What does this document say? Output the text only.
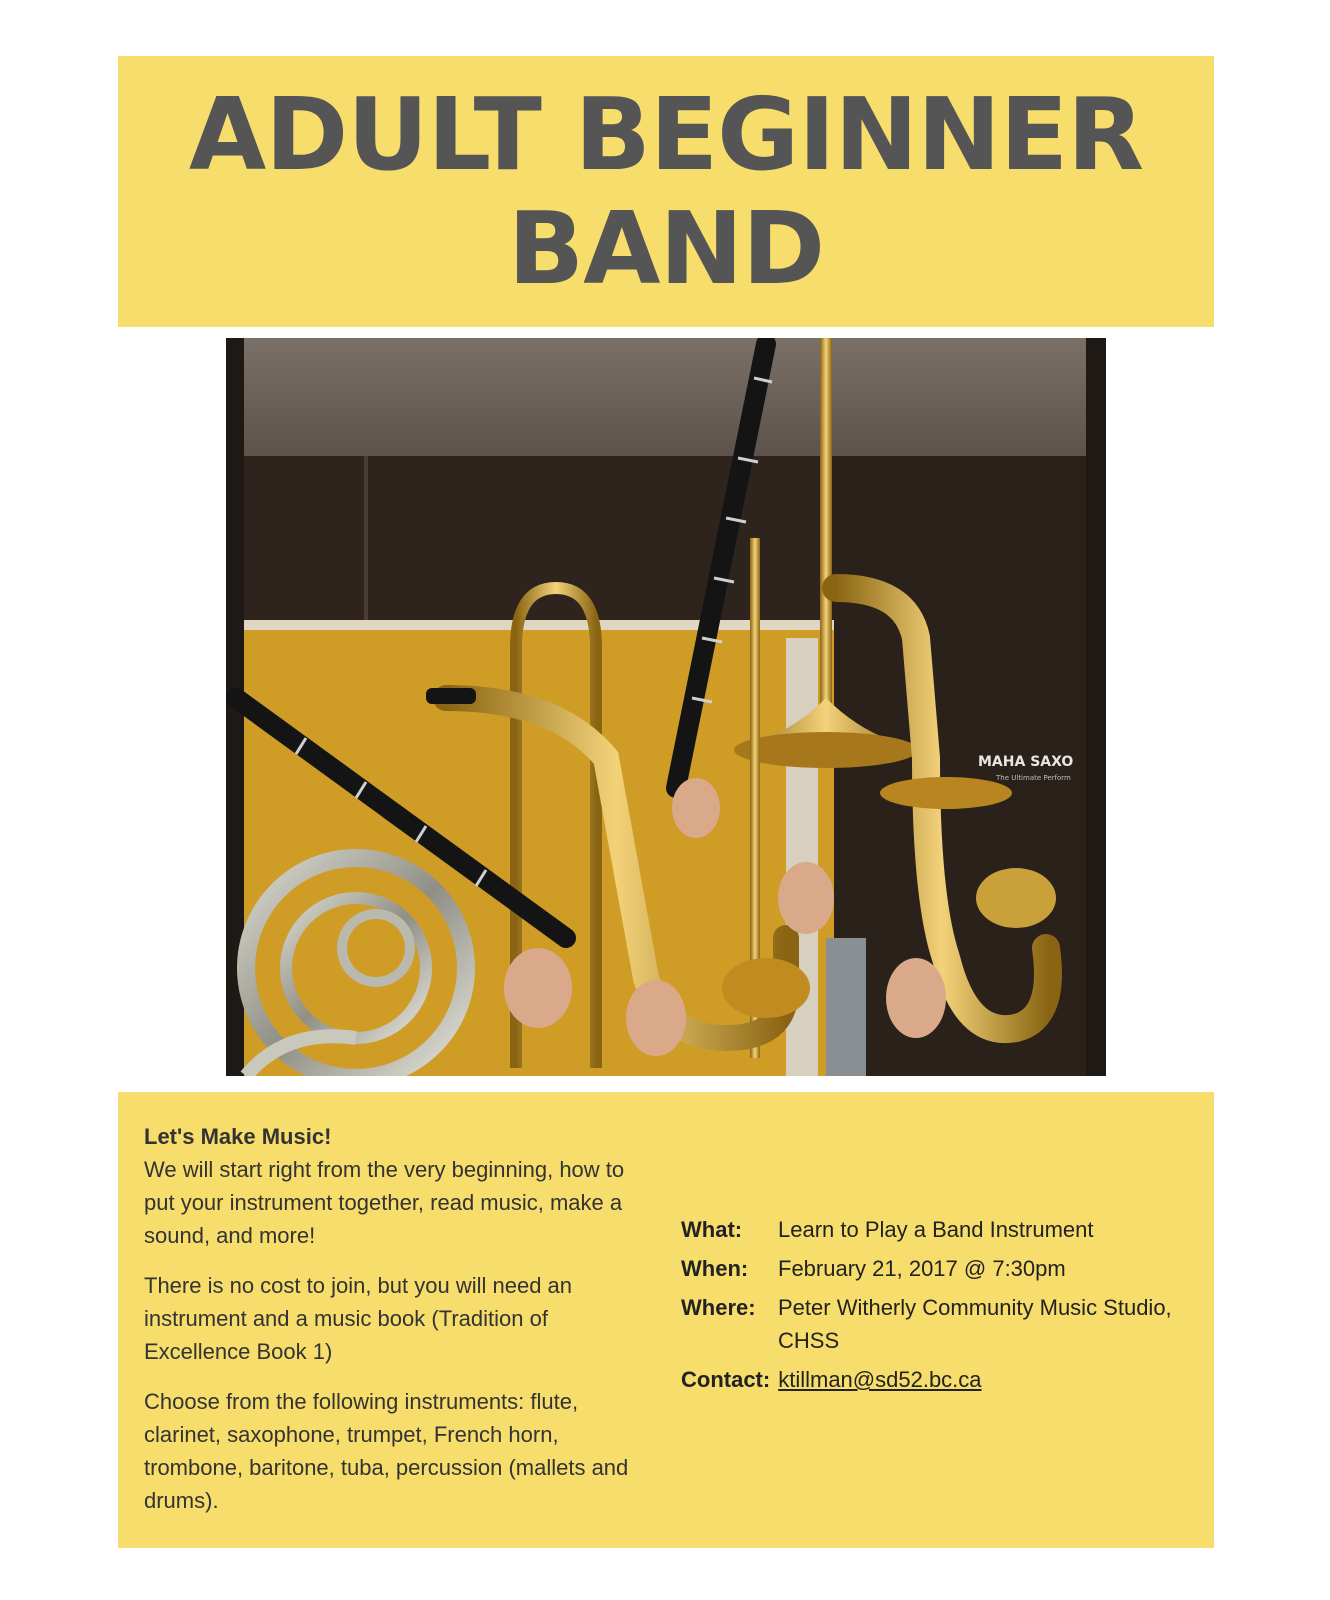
ADULT BEGINNER
BAND
MAHA SAXO
The Ultimate Perform

Let's Make Music!
We will start right from the very beginning, how to put your instrument together, read music, make a sound, and more!

There is no cost to join, but you will need an instrument and a music book (Tradition of Excellence Book 1)

Choose from the following instruments: flute, clarinet, saxophone, trumpet, French horn, trombone, baritone, tuba, percussion (mallets and drums).

What:	Learn to Play a Band Instrument
When:	February 21, 2017 @ 7:30pm
Where:	Peter Witherly Community Music Studio, CHSS
Contact: ktillman@sd52.bc.ca
